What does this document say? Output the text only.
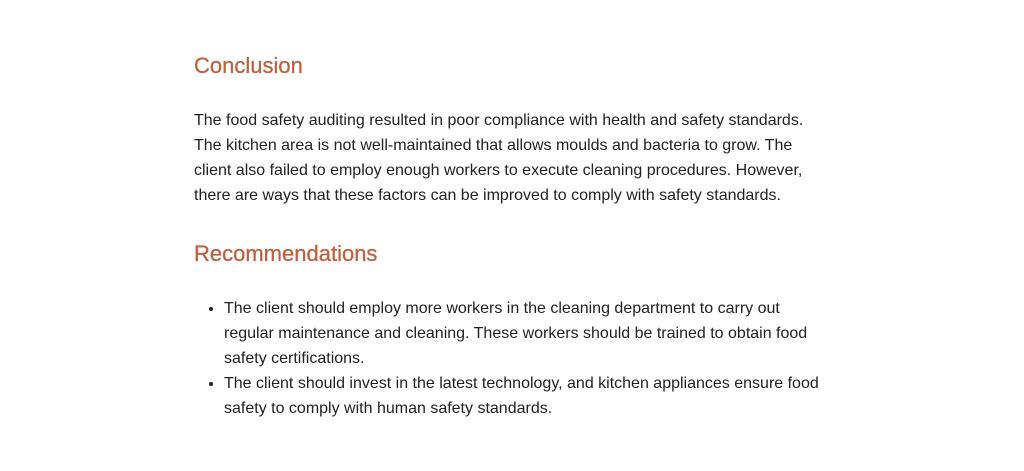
Conclusion

The food safety auditing resulted in poor compliance with health and safety standards. The kitchen area is not well-maintained that allows moulds and bacteria to grow. The client also failed to employ enough workers to execute cleaning procedures. However, there are ways that these factors can be improved to comply with safety standards.

Recommendations
• The client should employ more workers in the cleaning department to carry out regular maintenance and cleaning. These workers should be trained to obtain food safety certifications.
• The client should invest in the latest technology, and kitchen appliances ensure food safety to comply with human safety standards.
